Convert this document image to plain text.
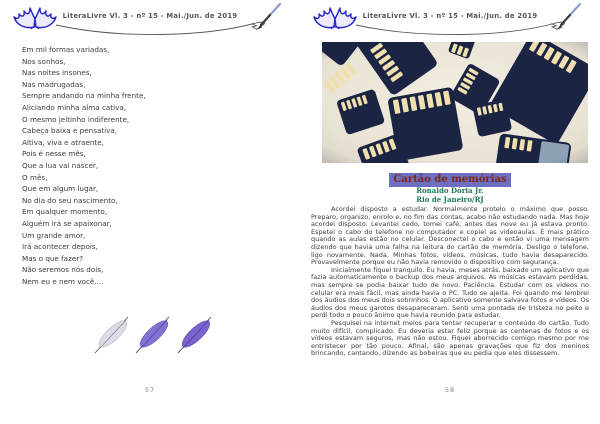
LiteraLivre Vl. 3 - nº 15 - Mai./Jun. de 2019
Em mil formas variadas,
Nos sonhos,
Nas noites insones,
Nas madrugadas,
Sempre andando na minha frente,
Aliciando minha alma cativa,
O mesmo jeitinho indiferente,
Cabeça baixa e pensativa,
Altiva, viva e atraente,
Pois é nesse mês,
Que a lua vai nascer,
O mês,
Que em algum lugar,
No dia do seu nascimento,
Em qualquer momento,
Alguém irá se apaixonar,
Um grande amor,
Irá acontecer depois,
Mas o que fazer?
Não seremos nós dois,
Nem eu e nem você....
57
LiteraLivre Vl. 3 - nº 15 - Mai./Jun. de 2019
Cartão de memórias
Ronaldo Dória Jr.
Rio de Janeiro/RJ

Acordei disposto a estudar. Normalmente protelo o máximo que posso. Preparo, organizo, enrolo e, no fim das contas, acabo não estudando nada. Mas hoje acordei disposto. Levantei cedo, tomei café, antes das nove eu já estava pronto. Espetei o cabo do telefone no computador e copiei as videoaulas. É mais prático quando as aulas estão no celular. Desconectei o cabo e então vi uma mensagem dizendo que havia uma falha na leitura do cartão de memória. Desligo o telefone, ligo novamente. Nada. Minhas fotos, vídeos, músicas, tudo havia desaparecido. Provavelmente porque eu não havia removido o dispositivo com segurança.

Inicialmente fiquei tranquilo. Eu havia, meses atrás, baixado um aplicativo que fazia automaticamente o backup dos meus arquivos. As músicas estavam perdidas, mas sempre se podia baixar tudo de novo. Paciência. Estudar com os vídeos no celular era mais fácil, mas ainda havia o PC. Tudo se ajeita. Foi quando me lembrei dos áudios dos meus dois sobrinhos. O aplicativo somente salvava fotos e vídeos. Os áudios dos meus garotos desapareceram. Senti uma pontada de tristeza no peito e perdi todo o pouco ânimo que havia reunido para estudar.

Pesquisei na internet meios para tentar recuperar o conteúdo do cartão. Tudo muito difícil, complicado. Eu deveria estar feliz porque as centenas de fotos e os vídeos estavam seguros, mas não estou. Fiquei aborrecido comigo mesmo por me entristecer por tão pouco. Afinal, são apenas gravações que fiz dos meninos brincando, cantando, dizendo as bobeiras que eu pedia que eles dissessem.

58
